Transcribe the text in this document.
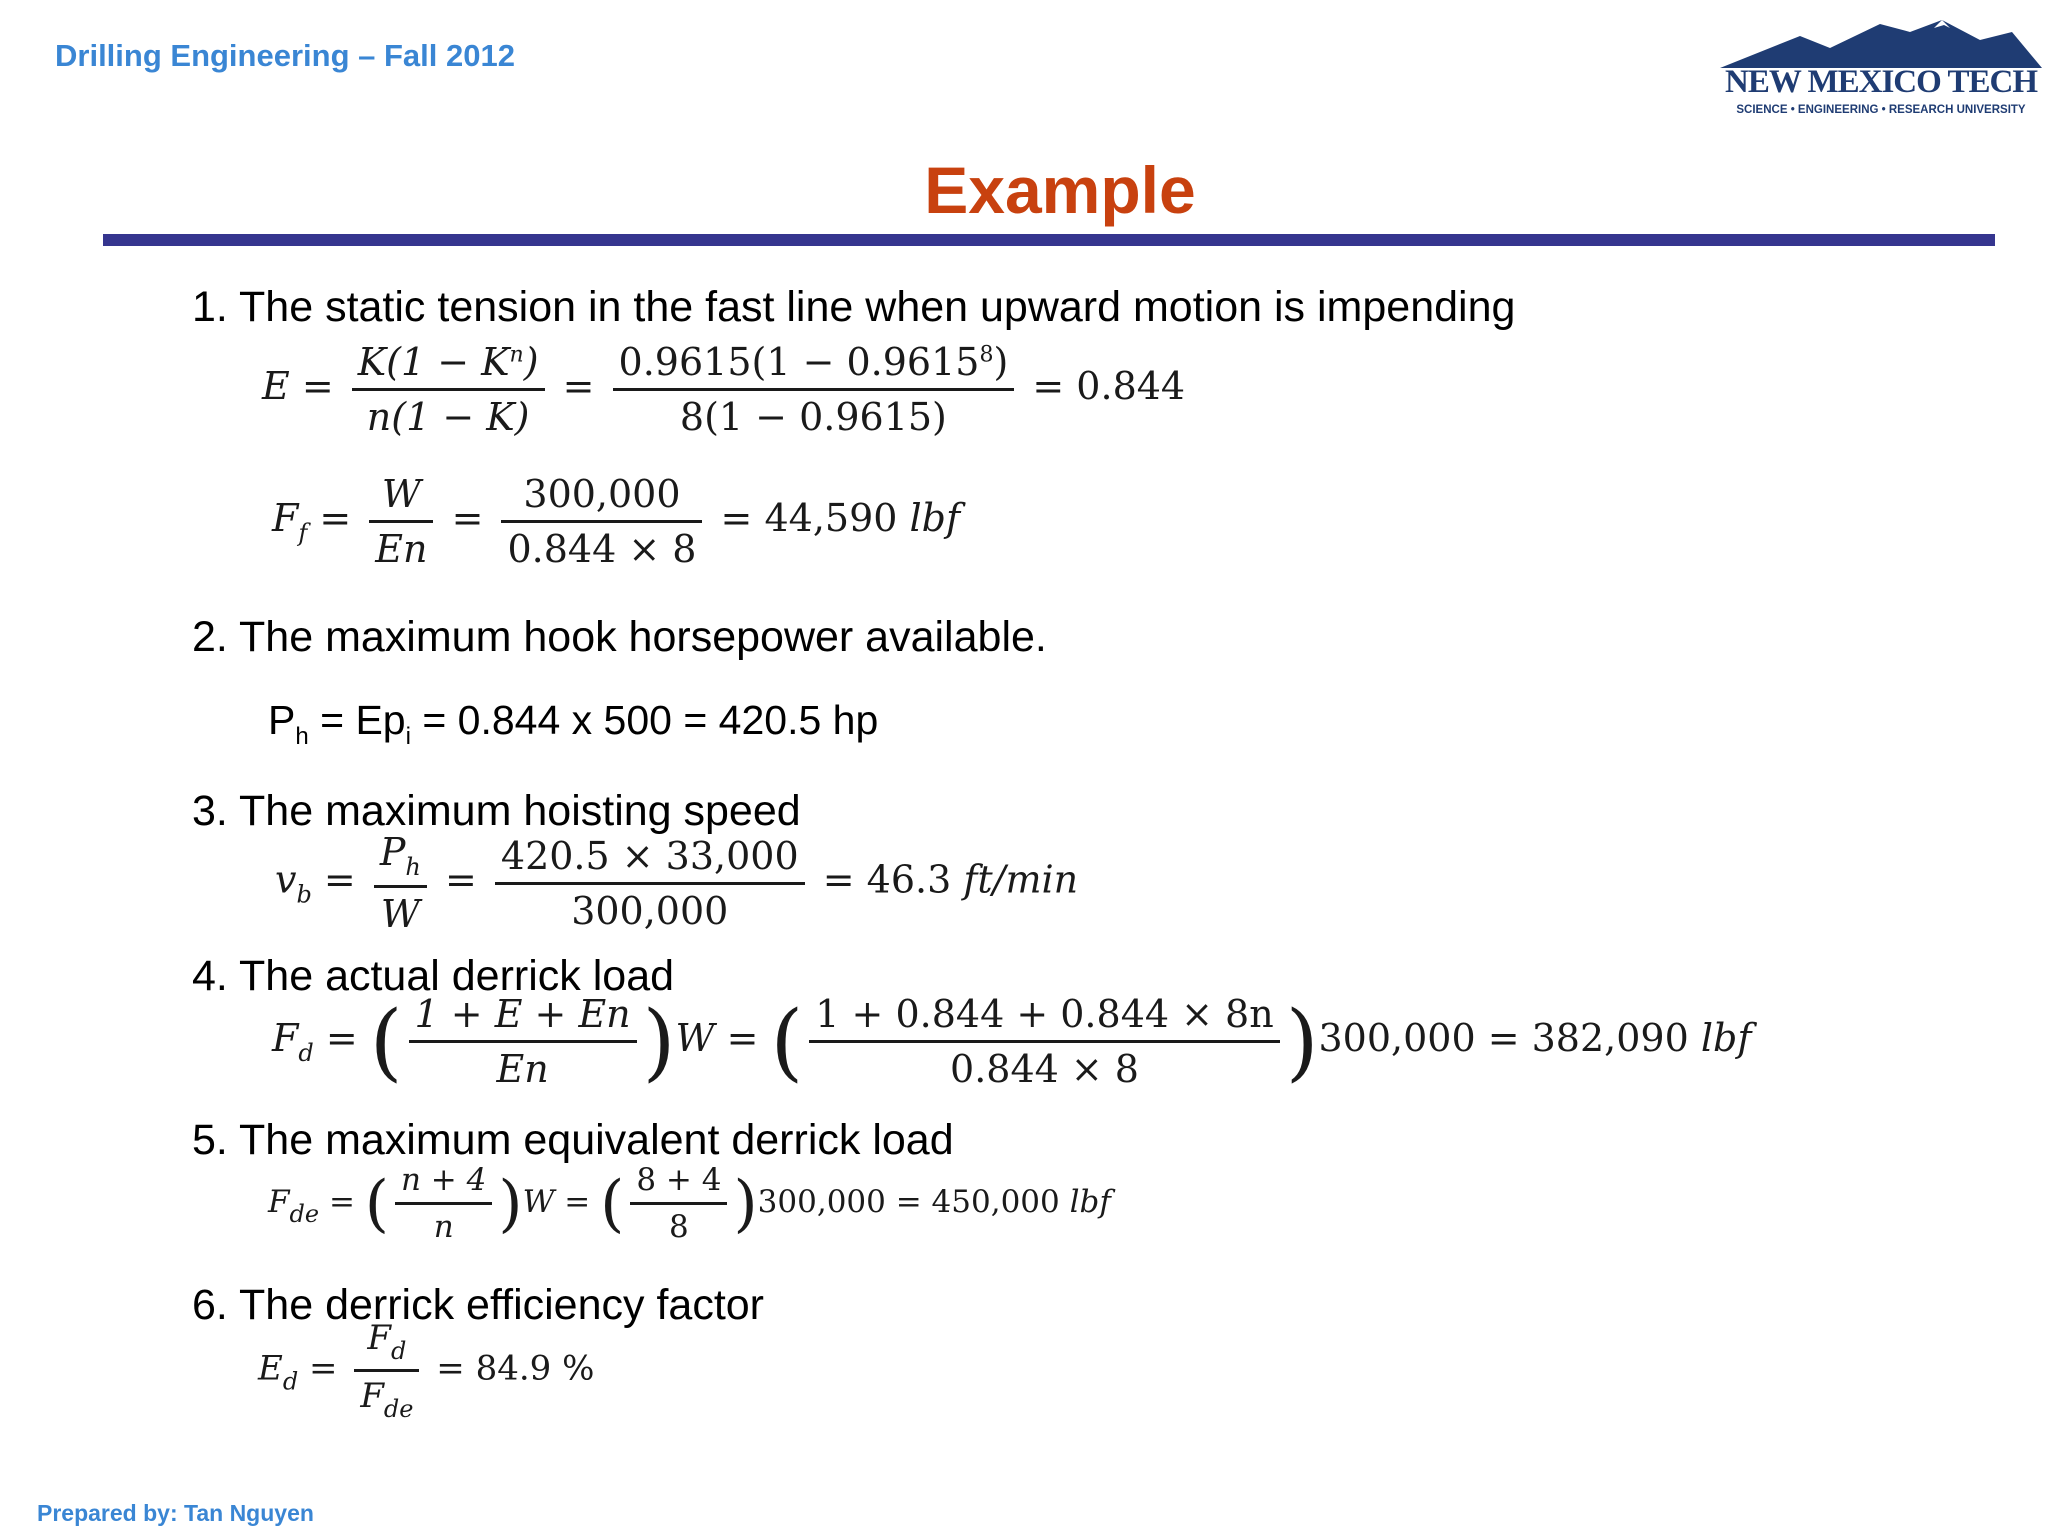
Drilling Engineering – Fall 2012
NEW MEXICO TECH
SCIENCE • ENGINEERING • RESEARCH UNIVERSITY
Example
1. The static tension in the fast line when upward motion is impending
$E = \frac{K(1 - K^n)}{n(1 - K)} = \frac{0.9615(1 - 0.9615^8)}{8(1 - 0.9615)} = 0.844$
$F_f = \frac{W}{En} = \frac{300,000}{0.844 \times 8} = 44,590$ lbf
2. The maximum hook horsepower available.
$P_h = Ep_i = 0.844$ x 500 = 420.5 hp
3. The maximum hoisting speed
$v_b = \frac{P_h}{W} = \frac{420.5 \times 33,000}{300,000} = 46.3$ ft/min
4. The actual derrick load
$F_d$ = ( $\frac{1 + E + En}{En} )W$ = ( $\frac{1 + 0.844 + 0.844 \times 8n}{0.844 \times 8} )300,000 = 382,090$ lbf
5. The maximum equivalent derrick load
$F_{de}$ = ( $\frac{n + 4}{n} )W$ = ( $\frac{8 + 4}{8} )300,000 = 450,000$ lbf
6. The derrick efficiency factor
$E_d = \frac{F_d}{F_{de}} = 84.9$ %
Prepared by: Tan Nguyen
